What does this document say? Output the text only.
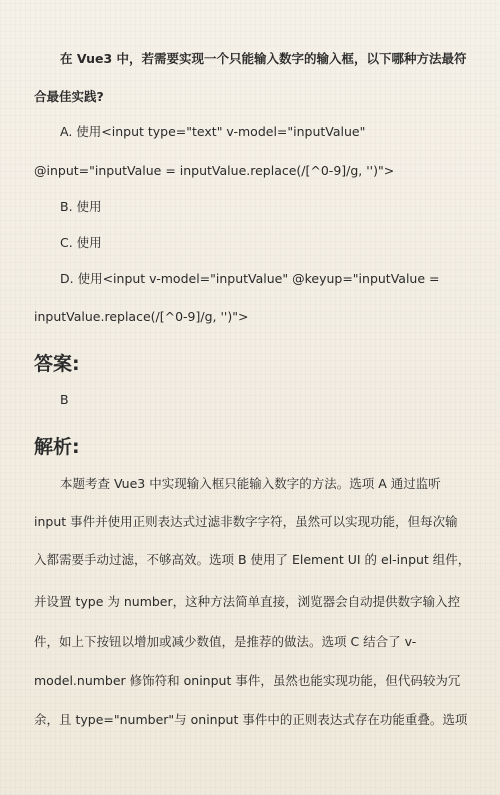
在 Vue3 中，若需要实现一个只能输入数字的输入框，以下哪种方法最符
合最佳实践?
A. 使用<input type="text" v-model="inputValue"
@input="inputValue = inputValue.replace(/[^0-9]/g, '')">
B. 使用
C. 使用
D. 使用<input v-model="inputValue" @keyup="inputValue =
inputValue.replace(/[^0-9]/g, '')">
答案:
B
解析:
本题考查 Vue3 中实现输入框只能输入数字的方法。选项 A 通过监听
input 事件并使用正则表达式过滤非数字字符，虽然可以实现功能，但每次输
入都需要手动过滤，不够高效。选项 B 使用了 Element UI 的 el-input 组件，
并设置 type 为 number，这种方法简单直接，浏览器会自动提供数字输入控
件，如上下按钮以增加或减少数值，是推荐的做法。选项 C 结合了 v-
model.number 修饰符和 oninput 事件，虽然也能实现功能，但代码较为冗
余，且 type="number"与 oninput 事件中的正则表达式存在功能重叠。选项
